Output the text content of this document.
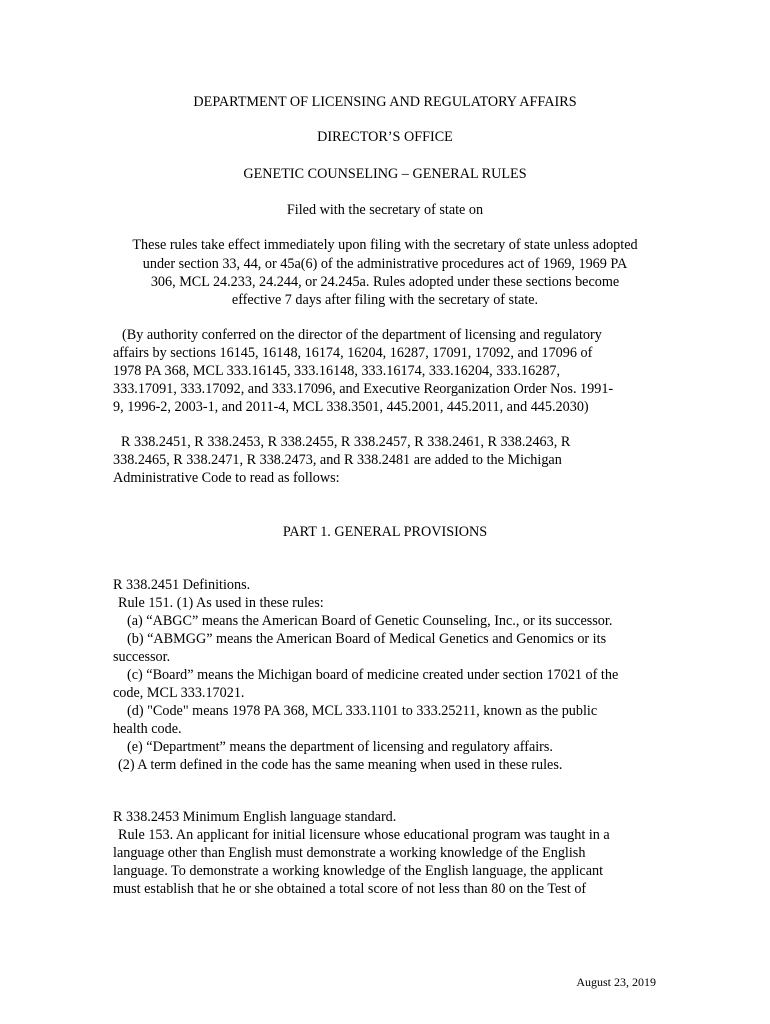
DEPARTMENT OF LICENSING AND REGULATORY AFFAIRS

DIRECTOR’S OFFICE

GENETIC COUNSELING – GENERAL RULES

Filed with the secretary of state on

These rules take effect immediately upon filing with the secretary of state unless adopted

under section 33, 44, or 45a(6) of the administrative procedures act of 1969, 1969 PA

306, MCL 24.233, 24.244, or 24.245a. Rules adopted under these sections become

effective 7 days after filing with the secretary of state.

(By authority conferred on the director of the department of licensing and regulatory

affairs by sections 16145, 16148, 16174, 16204, 16287, 17091, 17092, and 17096 of

1978 PA 368, MCL 333.16145, 333.16148, 333.16174, 333.16204, 333.16287,

333.17091, 333.17092, and 333.17096, and Executive Reorganization Order Nos. 1991-

9, 1996-2, 2003-1, and 2011-4, MCL 338.3501, 445.2001, 445.2011, and 445.2030)

R 338.2451, R 338.2453, R 338.2455, R 338.2457, R 338.2461, R 338.2463, R

338.2465, R 338.2471, R 338.2473, and R 338.2481 are added to the Michigan

Administrative Code to read as follows:

PART 1. GENERAL PROVISIONS

R 338.2451 Definitions.

Rule 151. (1) As used in these rules:

(a) “ABGC” means the American Board of Genetic Counseling, Inc., or its successor.

(b) “ABMGG” means the American Board of Medical Genetics and Genomics or its

successor.

(c) “Board” means the Michigan board of medicine created under section 17021 of the

code, MCL 333.17021.

(d) "Code" means 1978 PA 368, MCL 333.1101 to 333.25211, known as the public

health code.

(e) “Department” means the department of licensing and regulatory affairs.

(2) A term defined in the code has the same meaning when used in these rules.

R 338.2453 Minimum English language standard.

Rule 153. An applicant for initial licensure whose educational program was taught in a

language other than English must demonstrate a working knowledge of the English

language. To demonstrate a working knowledge of the English language, the applicant

must establish that he or she obtained a total score of not less than 80 on the Test of

August 23, 2019
